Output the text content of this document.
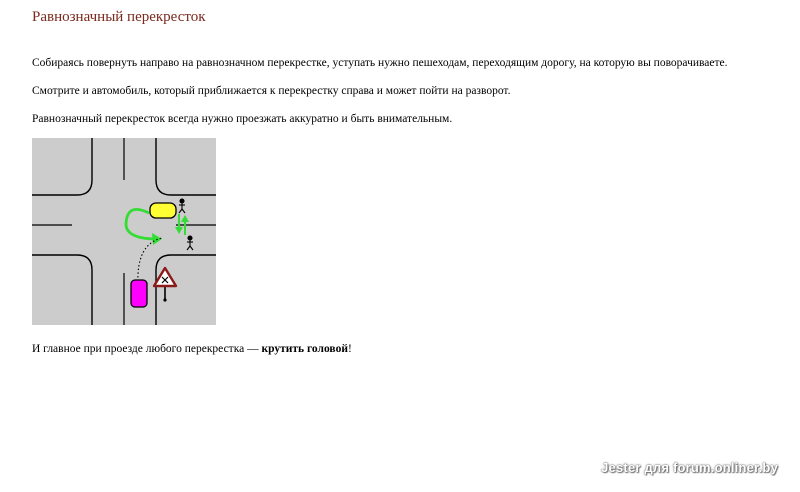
Равнозначный перекресток

Собираясь повернуть направо на равнозначном перекрестке, уступать нужно пешеходам, переходящим дорогу, на которую вы поворачиваете.

Смотрите и автомобиль, который приближается к перекрестку справа и может пойти на разворот.

Равнозначный перекресток всегда нужно проезжать аккуратно и быть внимательным.

И главное при проезде любого перекрестка — крутить головой!

Jester для forum.onliner.by
